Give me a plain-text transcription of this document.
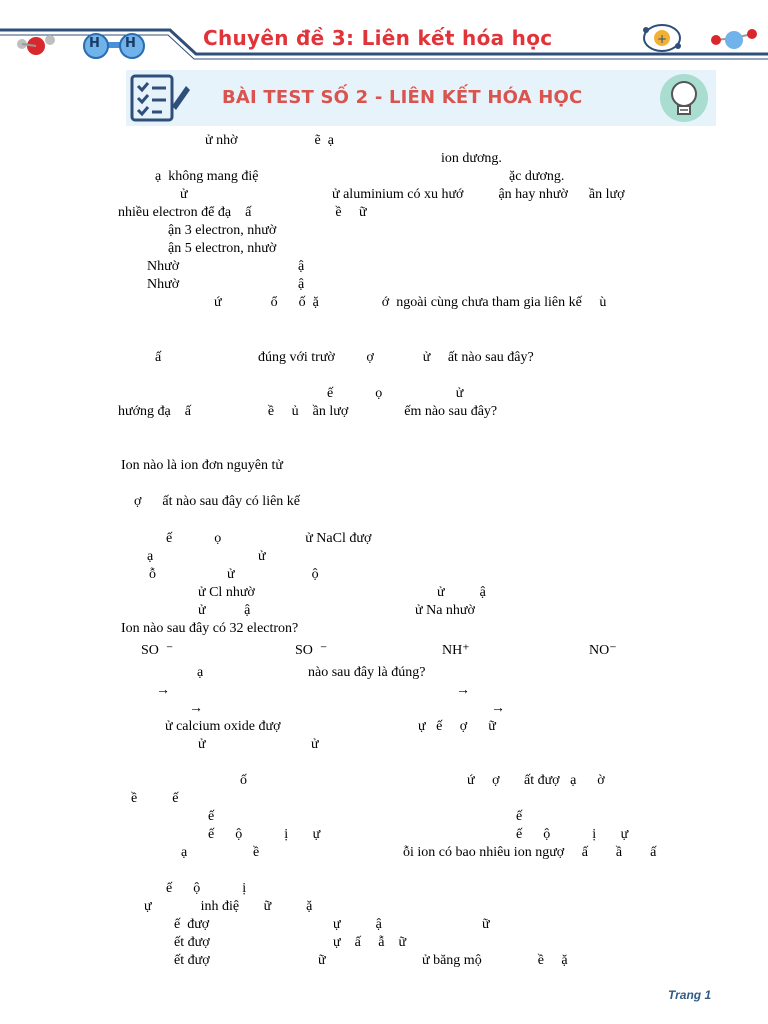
+
H H	Chuyên đề 3: Liên kết hóa học
BÀI TEST SỐ 2 - LIÊN KẾT HÓA HỌC
ử nhờ                      ẽ  ạ
ion dương.
ạ  không mang điệ	ặc dương.
ử	ử aluminium có xu hướ          ận hay nhườ      ần lượ
nhiều electron để đạ    ấ                        ề     ữ
ận 3 electron, nhườ
ận 5 electron, nhườ
Nhườ	ậ
Nhườ	ậ
ứ              ổ      ố  ặ                  ớ  ngoài cùng chưa tham gia liên kế     ù
ấ	đúng với trườ         ợ              ử     ất nào sau đây?
ế            ọ                     ử
hướng đạ    ấ                      ề     ủ    ần lượ                ếm nào sau đây?
Ion nào là ion đơn nguyên tử
ợ      ất nào sau đây có liên kế
ế            ọ                        ử NaCl đượ
ạ	ử
ỗ	ử                      ộ
ử Cl nhườ	ử          ậ
ử           ậ	ử Na nhườ
Ion nào sau đây có 32 electron?
SO  ⁻	SO  ⁻	NH⁺	NO⁻
ạ	nào sau đây là đúng?
→	→
→	→
ử calcium oxide đượ	ự   ế     ợ      ữ
ử	ử
ố	ứ     ợ       ất đượ   ạ      ờ
ề          ế
ế	ế
ế      ộ            ị       ự	ế      ộ            ị       ự
ạ	ề	ỗi ion có bao nhiêu ion ngượ     ấ        ầ        ấ
ế      ộ            ị
ự              inh điệ       ữ          ặ
ế  đượ	ự          ậ	ữ
ết đượ	ự    ấ     ẫ    ữ
ết đượ	ữ	ử băng mộ                ề     ặ
Trang 1
